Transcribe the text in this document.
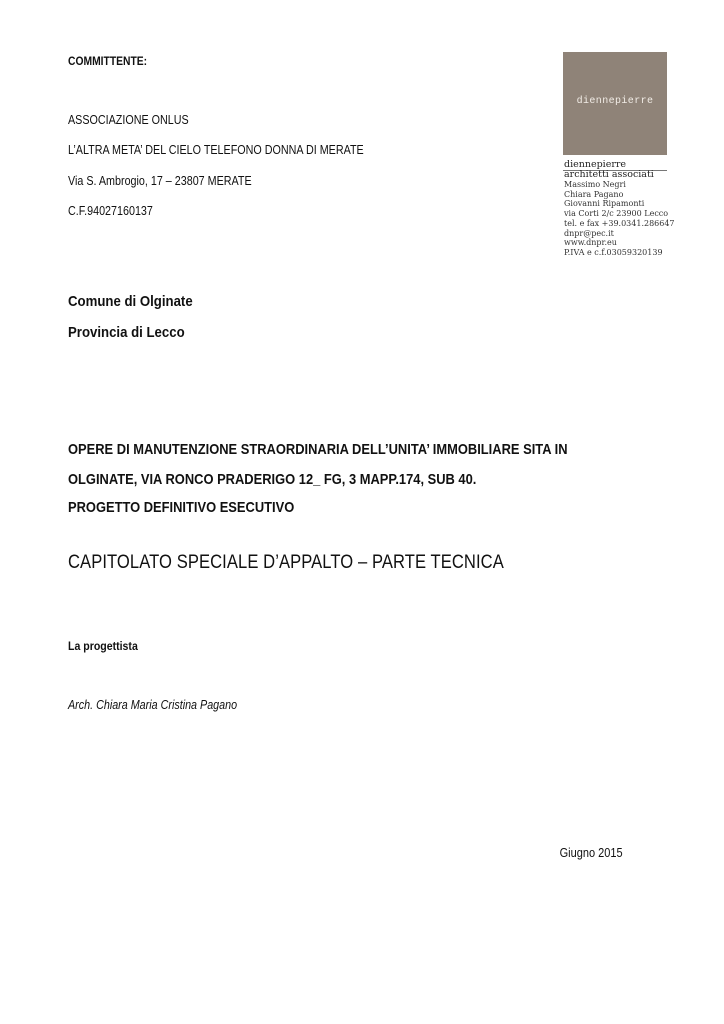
COMMITTENTE:
ASSOCIAZIONE ONLUS
L’ALTRA META’ DEL CIELO TELEFONO DONNA DI MERATE
Via S. Ambrogio, 17 – 23807 MERATE
C.F.94027160137
diennepierre
diennepierre
architetti associati
Massimo Negri
Chiara Pagano
Giovanni Ripamonti
via Corti 2/c 23900 Lecco
tel. e fax +39.0341.286647
dnpr@pec.it
www.dnpr.eu
P.IVA e c.f.03059320139
Comune di Olginate
Provincia di Lecco
OPERE DI MANUTENZIONE STRAORDINARIA DELL’UNITA’ IMMOBILIARE SITA IN
OLGINATE, VIA RONCO PRADERIGO 12_ FG, 3 MAPP.174, SUB 40.
PROGETTO DEFINITIVO ESECUTIVO
CAPITOLATO SPECIALE D’APPALTO – PARTE TECNICA
La progettista
Arch. Chiara Maria Cristina Pagano
Giugno 2015
